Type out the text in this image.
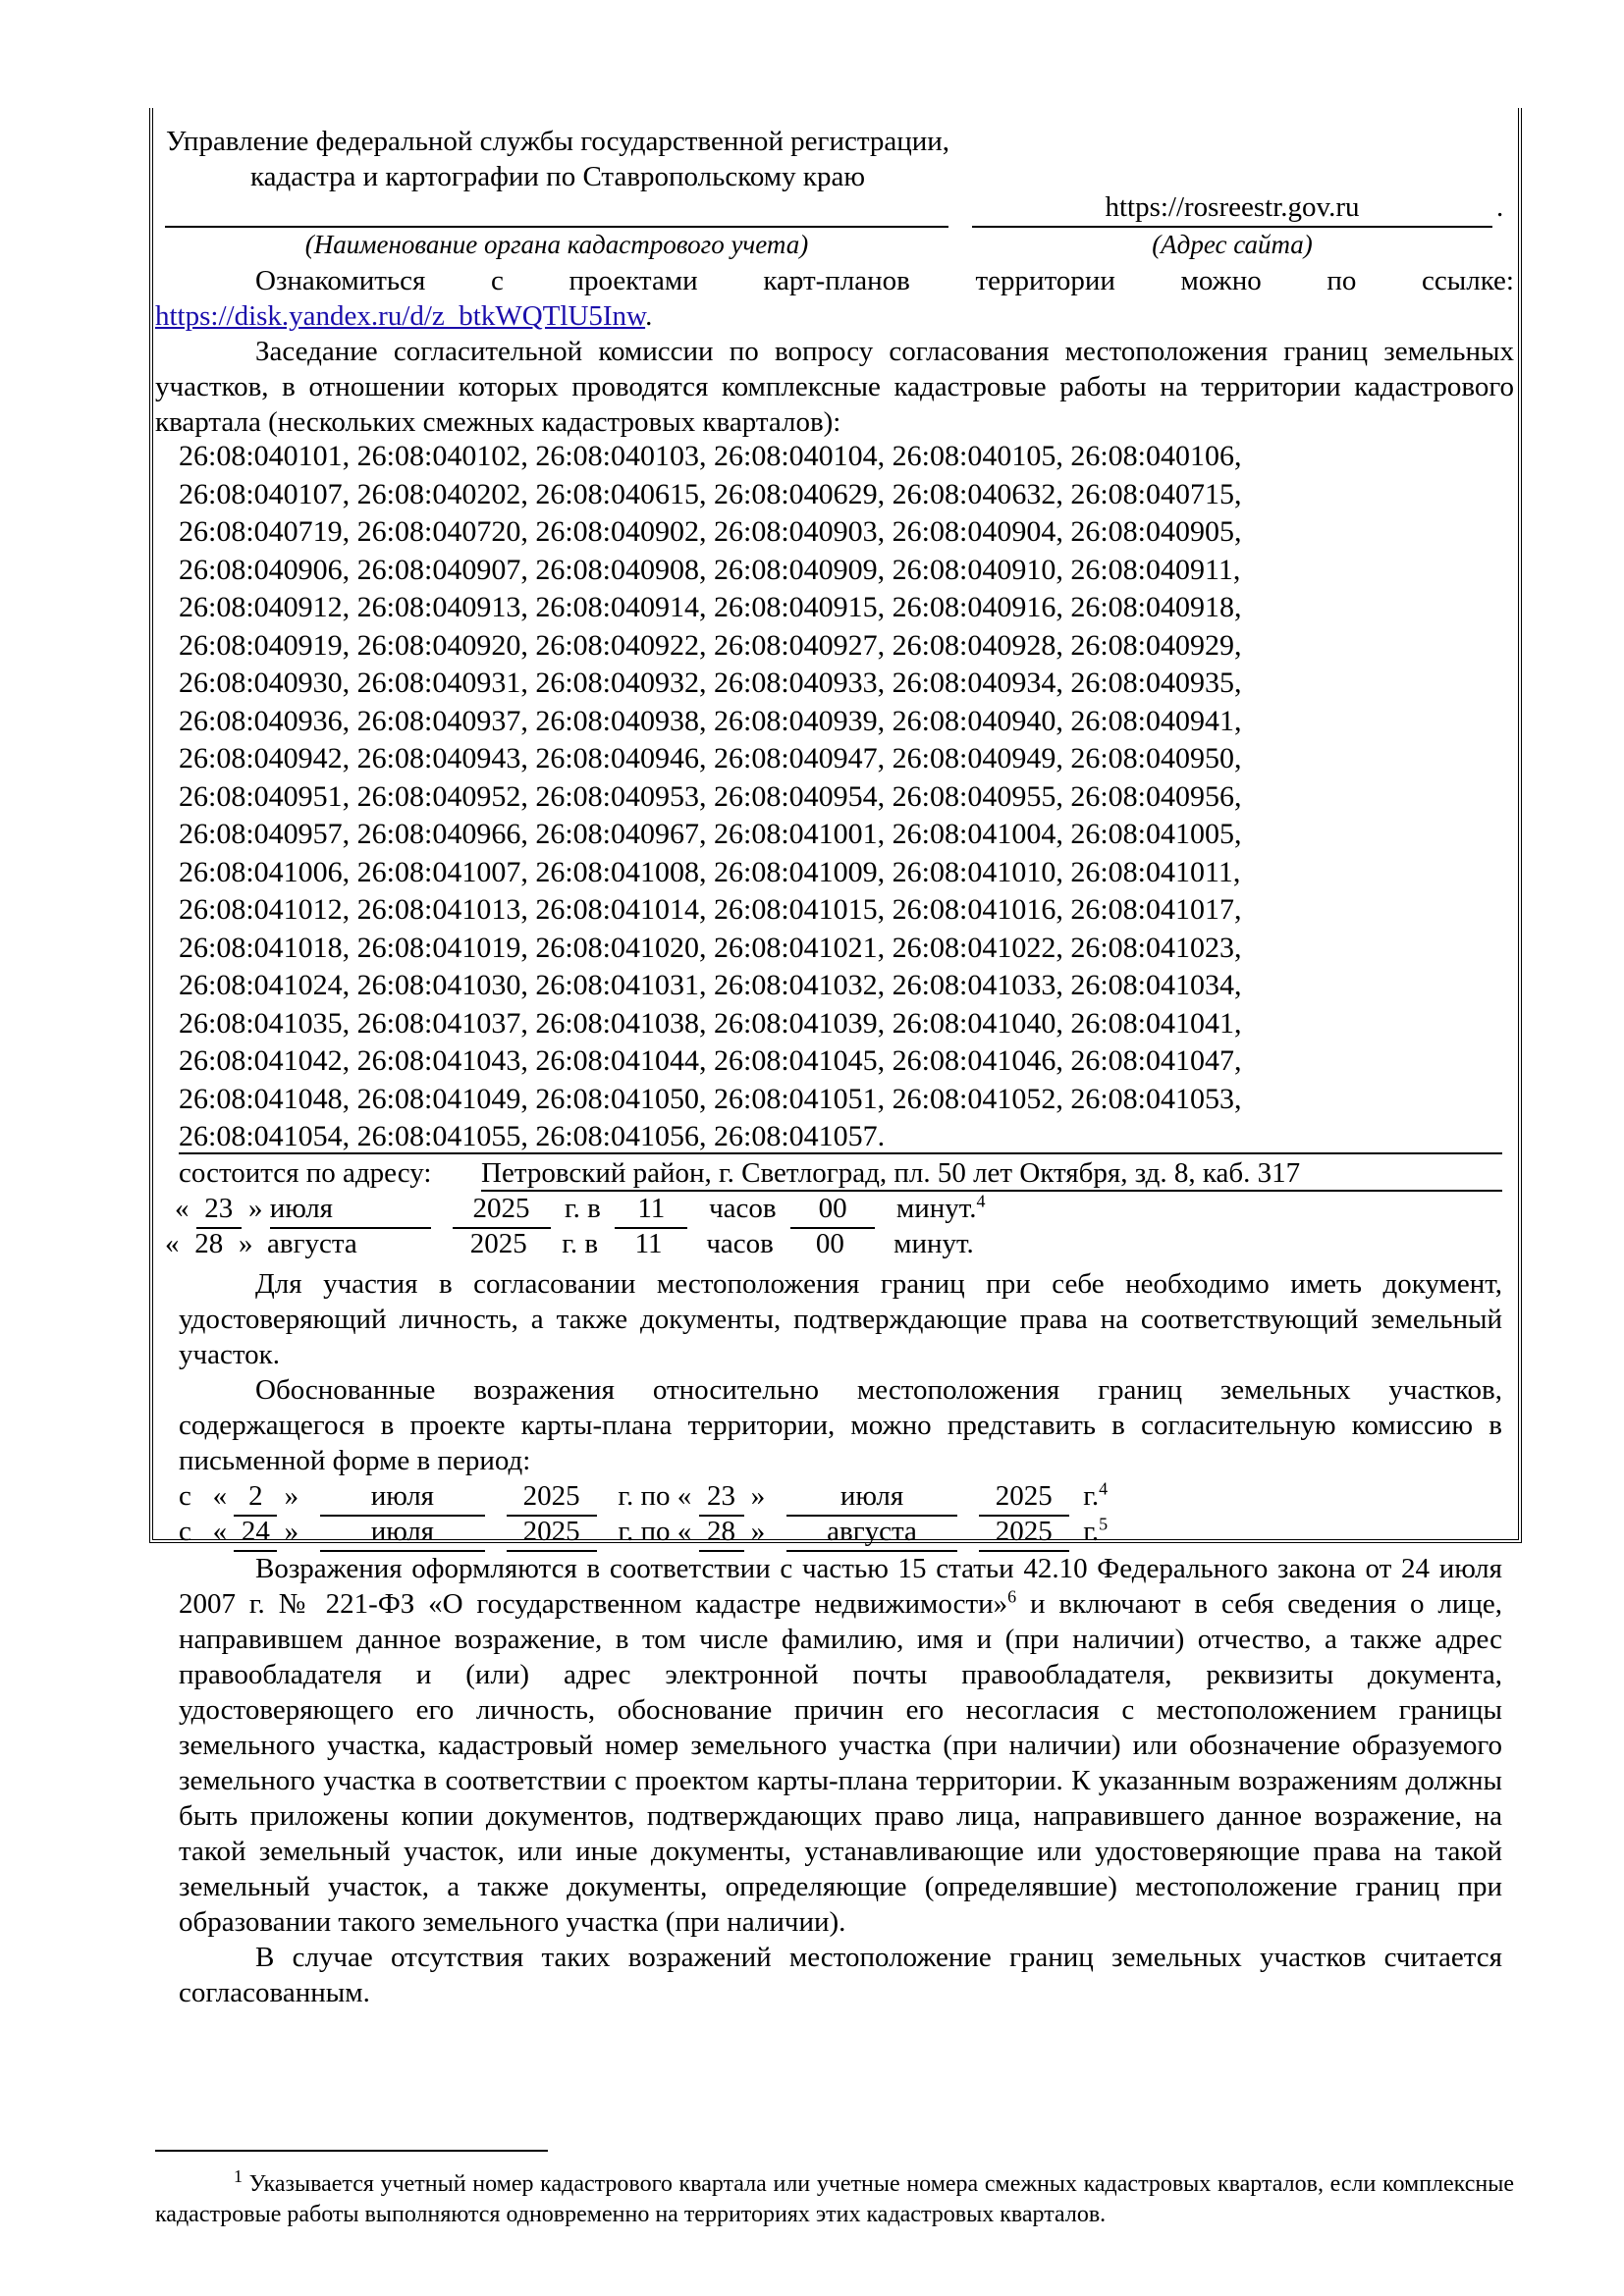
Управление федеральной службы государственной регистрации, кадастра и картографии по Ставропольскому краю
https://rosreestr.gov.ru	.
(Наименование органа кадастрового учета)	(Адрес сайта)
Ознакомиться с проектами карт-планов территории можно по ссылке:
https://disk.yandex.ru/d/z_btkWQTlU5Inw.
Заседание согласительной комиссии по вопросу согласования местоположения границ земельных участков, в отношении которых проводятся комплексные кадастровые работы на территории кадастрового квартала (нескольких смежных кадастровых кварталов):
26:08:040101, 26:08:040102, 26:08:040103, 26:08:040104, 26:08:040105, 26:08:040106,
26:08:040107, 26:08:040202, 26:08:040615, 26:08:040629, 26:08:040632, 26:08:040715,
26:08:040719, 26:08:040720, 26:08:040902, 26:08:040903, 26:08:040904, 26:08:040905,
26:08:040906, 26:08:040907, 26:08:040908, 26:08:040909, 26:08:040910, 26:08:040911,
26:08:040912, 26:08:040913, 26:08:040914, 26:08:040915, 26:08:040916, 26:08:040918,
26:08:040919, 26:08:040920, 26:08:040922, 26:08:040927, 26:08:040928, 26:08:040929,
26:08:040930, 26:08:040931, 26:08:040932, 26:08:040933, 26:08:040934, 26:08:040935,
26:08:040936, 26:08:040937, 26:08:040938, 26:08:040939, 26:08:040940, 26:08:040941,
26:08:040942, 26:08:040943, 26:08:040946, 26:08:040947, 26:08:040949, 26:08:040950,
26:08:040951, 26:08:040952, 26:08:040953, 26:08:040954, 26:08:040955, 26:08:040956,
26:08:040957, 26:08:040966, 26:08:040967, 26:08:041001, 26:08:041004, 26:08:041005,
26:08:041006, 26:08:041007, 26:08:041008, 26:08:041009, 26:08:041010, 26:08:041011,
26:08:041012, 26:08:041013, 26:08:041014, 26:08:041015, 26:08:041016, 26:08:041017,
26:08:041018, 26:08:041019, 26:08:041020, 26:08:041021, 26:08:041022, 26:08:041023,
26:08:041024, 26:08:041030, 26:08:041031, 26:08:041032, 26:08:041033, 26:08:041034,
26:08:041035, 26:08:041037, 26:08:041038, 26:08:041039, 26:08:041040, 26:08:041041,
26:08:041042, 26:08:041043, 26:08:041044, 26:08:041045, 26:08:041046, 26:08:041047,
26:08:041048, 26:08:041049, 26:08:041050, 26:08:041051, 26:08:041052, 26:08:041053,
26:08:041054, 26:08:041055, 26:08:041056, 26:08:041057.
состоится по адресу: Петровский район, г. Светлоград, пл. 50 лет Октября, зд. 8, каб. 317
« 23 » июля	2025 г. в 11 часов 00 минут.$^4$
« 28 » августа	2025 г. в 11 часов 00 минут.
Для участия в согласовании местоположения границ при себе необходимо иметь документ, удостоверяющий личность, а также документы, подтверждающие права на соответствующий земельный участок.
Обоснованные возражения относительно местоположения границ земельных участков, содержащегося в проекте карты-плана территории, можно представить в согласительную комиссию в письменной форме в период:
с « 2 »	июля	2025 г. по « 23 »	июля	2025 г.$^4$
с « 24 »	июля	2025 г. по « 28 » августа	2025 г.$^5$
Возражения оформляются в соответствии с частью 15 статьи 42.10 Федерального закона от 24 июля 2007 г. № 221-ФЗ «О государственном кадастре недвижимости»$^6$ и включают в себя сведения о лице, направившем данное возражение, в том числе фамилию, имя и (при наличии) отчество, а также адрес правообладателя и (или) адрес электронной почты правообладателя, реквизиты документа, удостоверяющего его личность, обоснование причин его несогласия с местоположением границы земельного участка, кадастровый номер земельного участка (при наличии) или обозначение образуемого земельного участка в соответствии с проектом карты-плана территории. К указанным возражениям должны быть приложены копии документов, подтверждающих право лица, направившего данное возражение, на такой земельный участок, или иные документы, устанавливающие или удостоверяющие права на такой земельный участок, а также документы, определяющие (определявшие) местоположение границ при образовании такого земельного участка (при наличии).
В случае отсутствия таких возражений местоположение границ земельных участков считается согласованным.
$^1$ Указывается учетный номер кадастрового квартала или учетные номера смежных кадастровых кварталов, если комплексные кадастровые работы выполняются одновременно на территориях этих кадастровых кварталов.
